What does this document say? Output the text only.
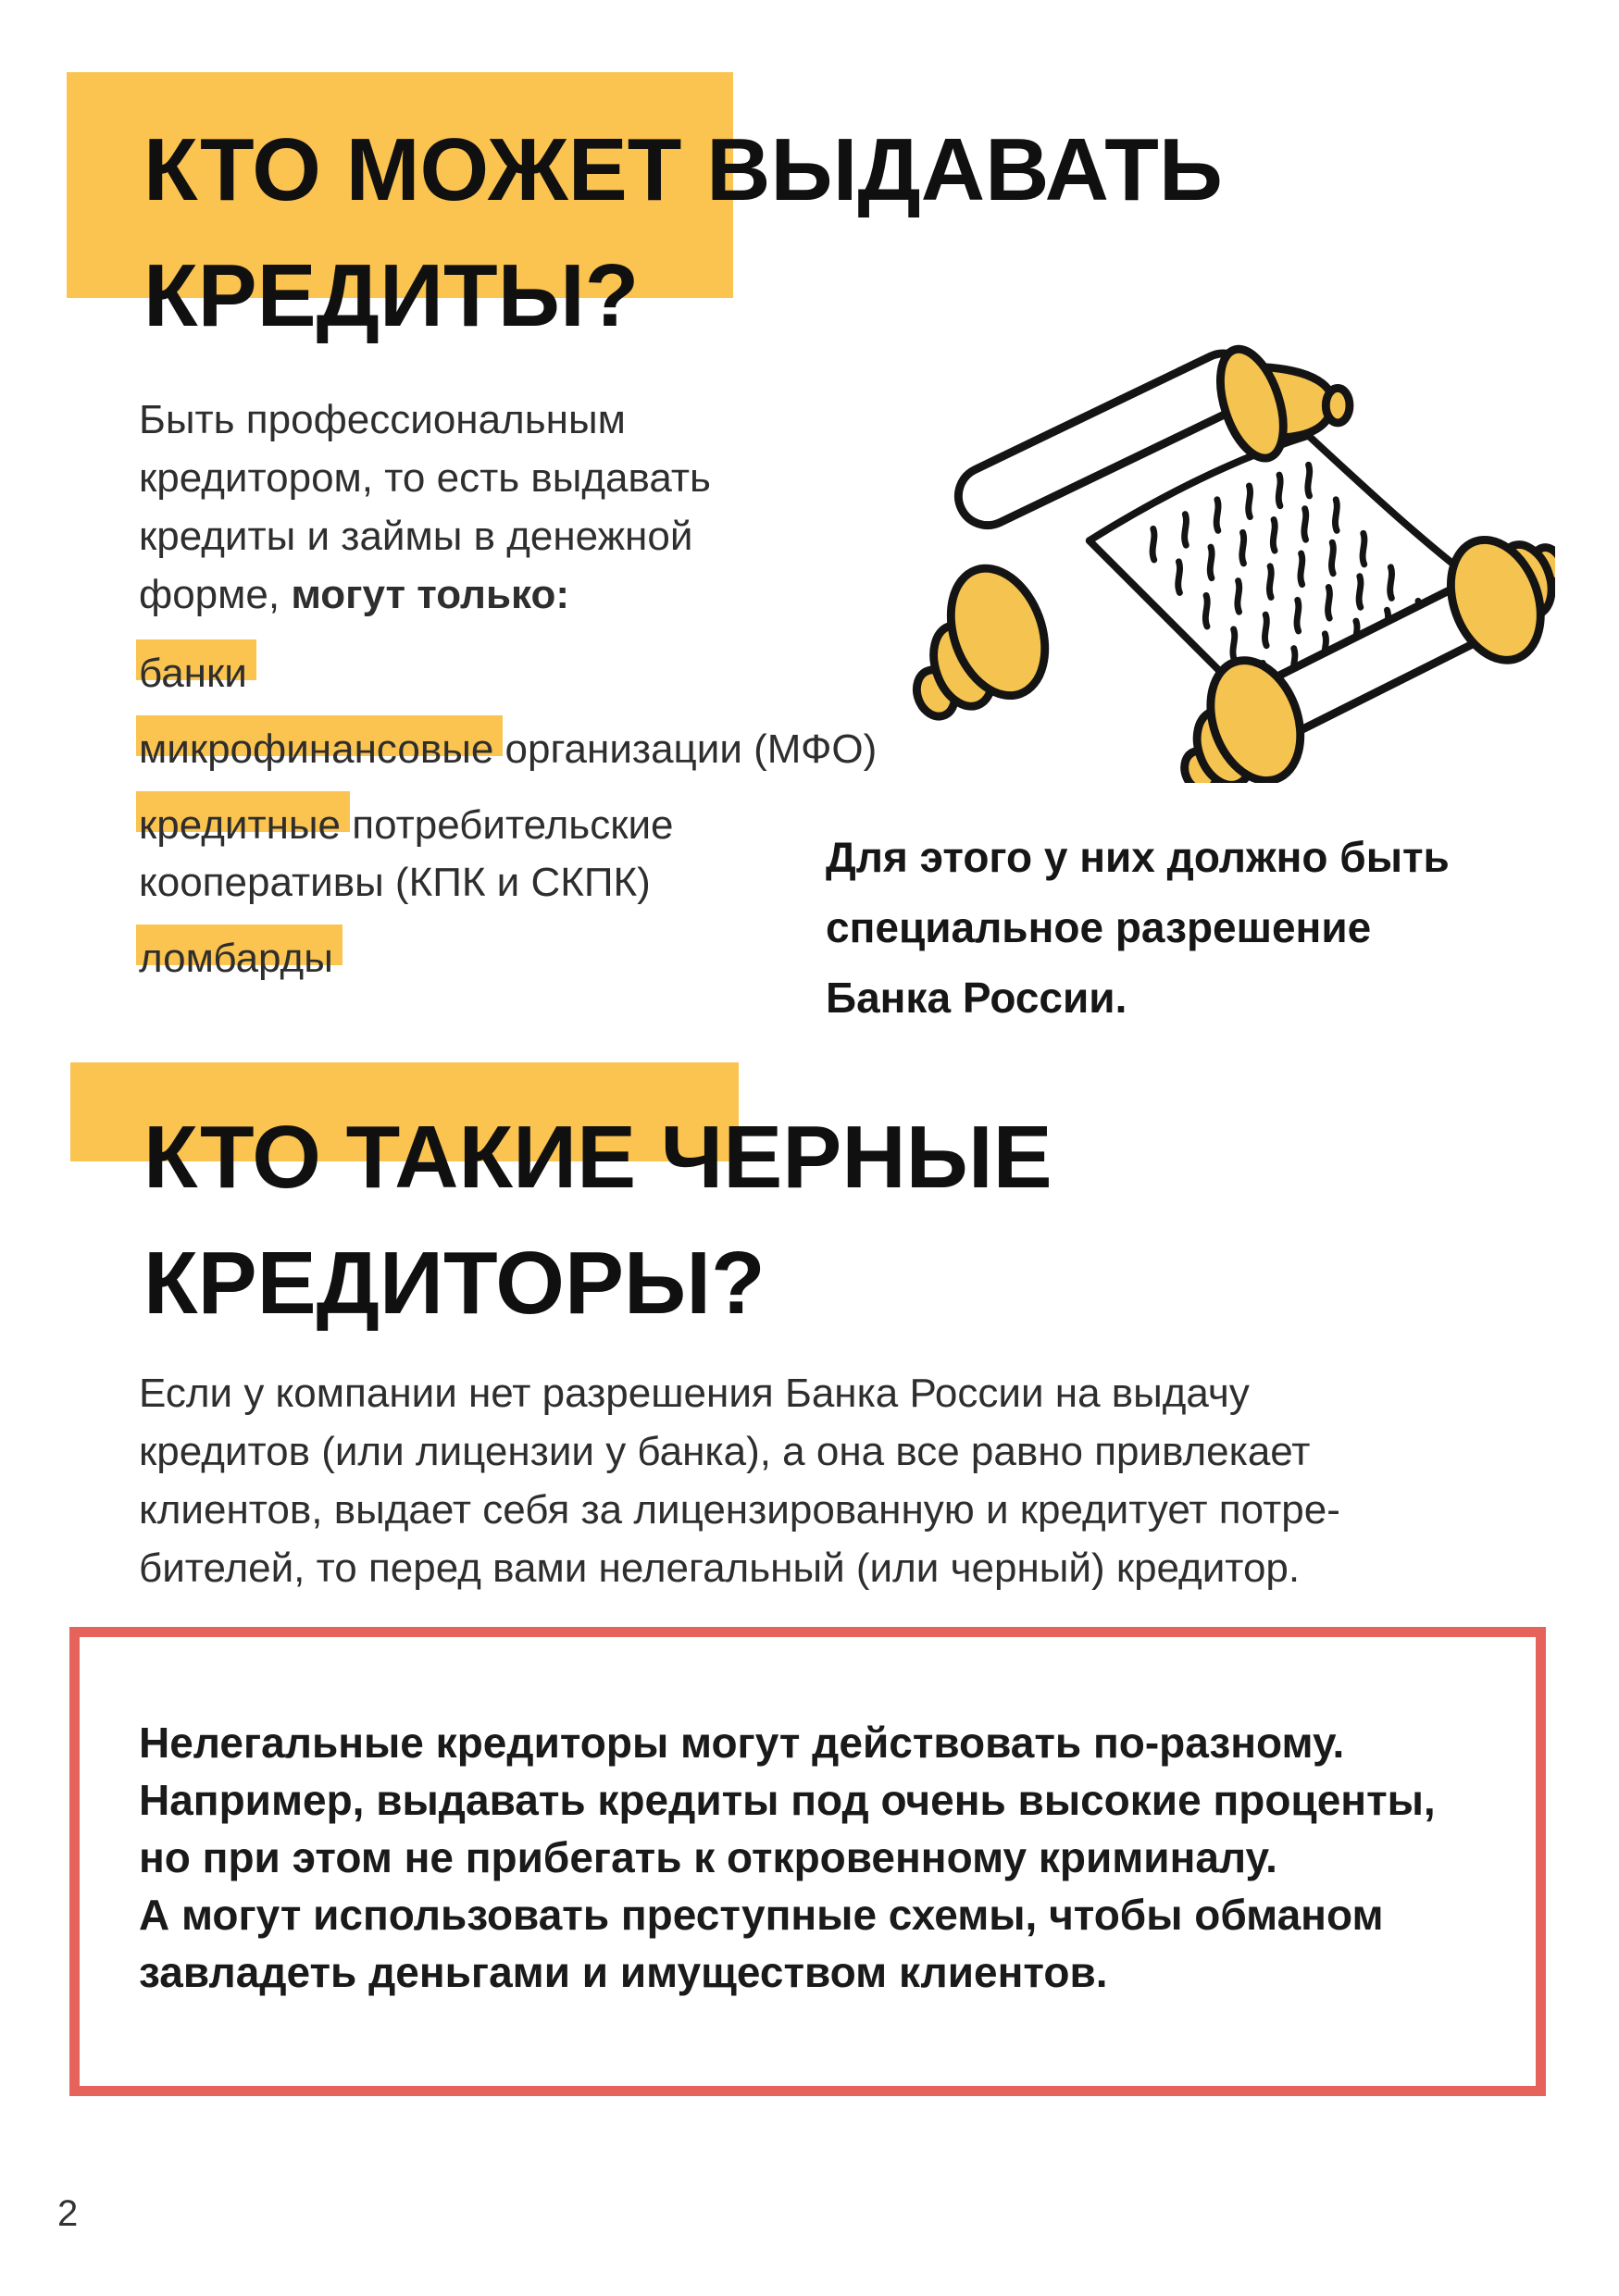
КТО МОЖЕТ ВЫДАВАТЬ
КРЕДИТЫ?
Быть профессиональным
кредитором, то есть выдавать
кредиты и займы в денежной
форме, могут только:
банки
микрофинансовые организации (МФО)
кредитные потребительские
кооперативы (КПК и СКПК)
ломбарды
Для этого у них должно быть
специальное разрешение
Банка России.
КТО ТАКИЕ ЧЕРНЫЕ
КРЕДИТОРЫ?
Если у компании нет разрешения Банка России на выдачу
кредитов (или лицензии у банка), а она все равно привлекает
клиентов, выдает себя за лицензированную и кредитует потре-
бителей, то перед вами нелегальный (или черный) кредитор.

Нелегальные кредиторы могут действовать по-разному.
Например, выдавать кредиты под очень высокие проценты,
но при этом не прибегать к откровенному криминалу.
А могут использовать преступные схемы, чтобы обманом
завладеть деньгами и имуществом клиентов.

2
